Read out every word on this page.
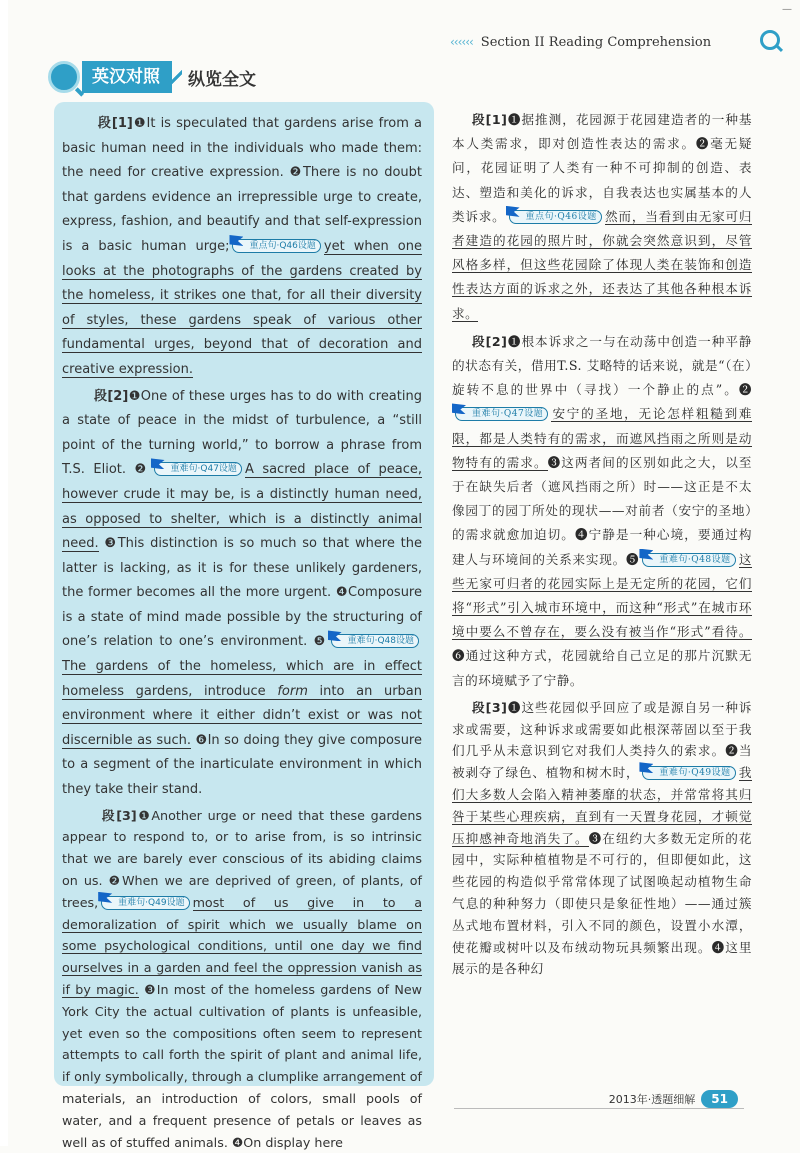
—
‹‹‹‹‹‹ Section II Reading Comprehension
英汉对照	纵览全文

段[1]❶It is speculated that gardens arise from a basic human need in the individuals who made them: the need for creative expression. ❷There is no doubt that gardens evidence an irrepressible urge to create, express, fashion, and beautify and that self-expression is a basic human urge; 重点句·Q46设题 yet when one looks at the photographs of the gardens created by the homeless, it strikes one that, for all their diversity of styles, these gardens speak of various other fundamental urges, beyond that of decoration and creative expression.

段[2]❶One of these urges has to do with creating a state of peace in the midst of turbulence, a “still point of the turning world,” to borrow a phrase from T.S. Eliot. ❷ 重难句·Q47设题 A sacred place of peace, however crude it may be, is a distinctly human need, as opposed to shelter, which is a distinctly animal need. ❸This distinction is so much so that where the latter is lacking, as it is for these unlikely gardeners, the former becomes all the more urgent. ❹Composure is a state of mind made possible by the structuring of one’s relation to one’s environment. ❺ 重难句·Q48设题The gardens of the homeless, which are in effect homeless gardens, introduce form into an urban environment where it either didn’t exist or was not discernible as such. ❻In so doing they give composure to a segment of the inarticulate environment in which they take their stand.

段[3]❶Another urge or need that these gardens appear to respond to, or to arise from, is so intrinsic that we are barely ever conscious of its abiding claims on us. ❷When we are deprived of green, of plants, of trees, 重难句·Q49设题 most of us give in to a demoralization of spirit which we usually blame on some psychological conditions, until one day we find ourselves in a garden and feel the oppression vanish as if by magic. ❸In most of the homeless gardens of New York City the actual cultivation of plants is unfeasible, yet even so the compositions often seem to represent attempts to call forth the spirit of plant and animal life, if only symbolically, through a clumplike arrangement of materials, an introduction of colors, small pools of water, and a frequent presence of petals or leaves as well as of stuffed animals. ❹On display here

段[1]❶据推测，花园源于花园建造者的一种基本人类需求，即对创造性表达的需求。❷毫无疑问，花园证明了人类有一种不可抑制的创造、表达、塑造和美化的诉求，自我表达也实属基本的人类诉求。 重点句·Q46设题 然而，当看到由无家可归者建造的花园的照片时，你就会突然意识到，尽管风格多样，但这些花园除了体现人类在装饰和创造性表达方面的诉求之外，还表达了其他各种根本诉求。

段[2]❶根本诉求之一与在动荡中创造一种平静的状态有关，借用T.S. 艾略特的话来说，就是“（在）旋转不息的世界中（寻找）一个静止的点”。❷重难句·Q47设题 安宁的圣地，无论怎样粗糙到难限，都是人类特有的需求，而遮风挡雨之所则是动物特有的需求。❸这两者间的区别如此之大，以至于在缺失后者（遮风挡雨之所）时——这正是不太像园丁的园丁所处的现状——对前者（安宁的圣地）的需求就愈加迫切。❹宁静是一种心境，要通过构建人与环境间的关系来实现。❺ 重难句·Q48设题 这些无家可归者的花园实际上是无定所的花园，它们将“形式”引入城市环境中，而这种“形式”在城市环境中要么不曾存在，要么没有被当作“形式”看待。❻通过这种方式，花园就给自己立足的那片沉默无言的环境赋予了宁静。

段[3]❶这些花园似乎回应了或是源自另一种诉求或需要，这种诉求或需要如此根深蒂固以至于我们几乎从未意识到它对我们人类持久的索求。❷当被剥夺了绿色、植物和树木时， 重难句·Q49设题 我们大多数人会陷入精神萎靡的状态，并常常将其归咎于某些心理疾病，直到有一天置身花园，才顿觉压抑感神奇地消失了。❸在纽约大多数无定所的花园中，实际种植植物是不可行的，但即便如此，这些花园的构造似乎常常体现了试图唤起动植物生命气息的种种努力（即使只是象征性地）——通过簇丛式地布置材料，引入不同的颜色，设置小水潭，使花瓣或树叶以及布绒动物玩具频繁出现。❹这里展示的是各种幻

2013年·透题细解	51
